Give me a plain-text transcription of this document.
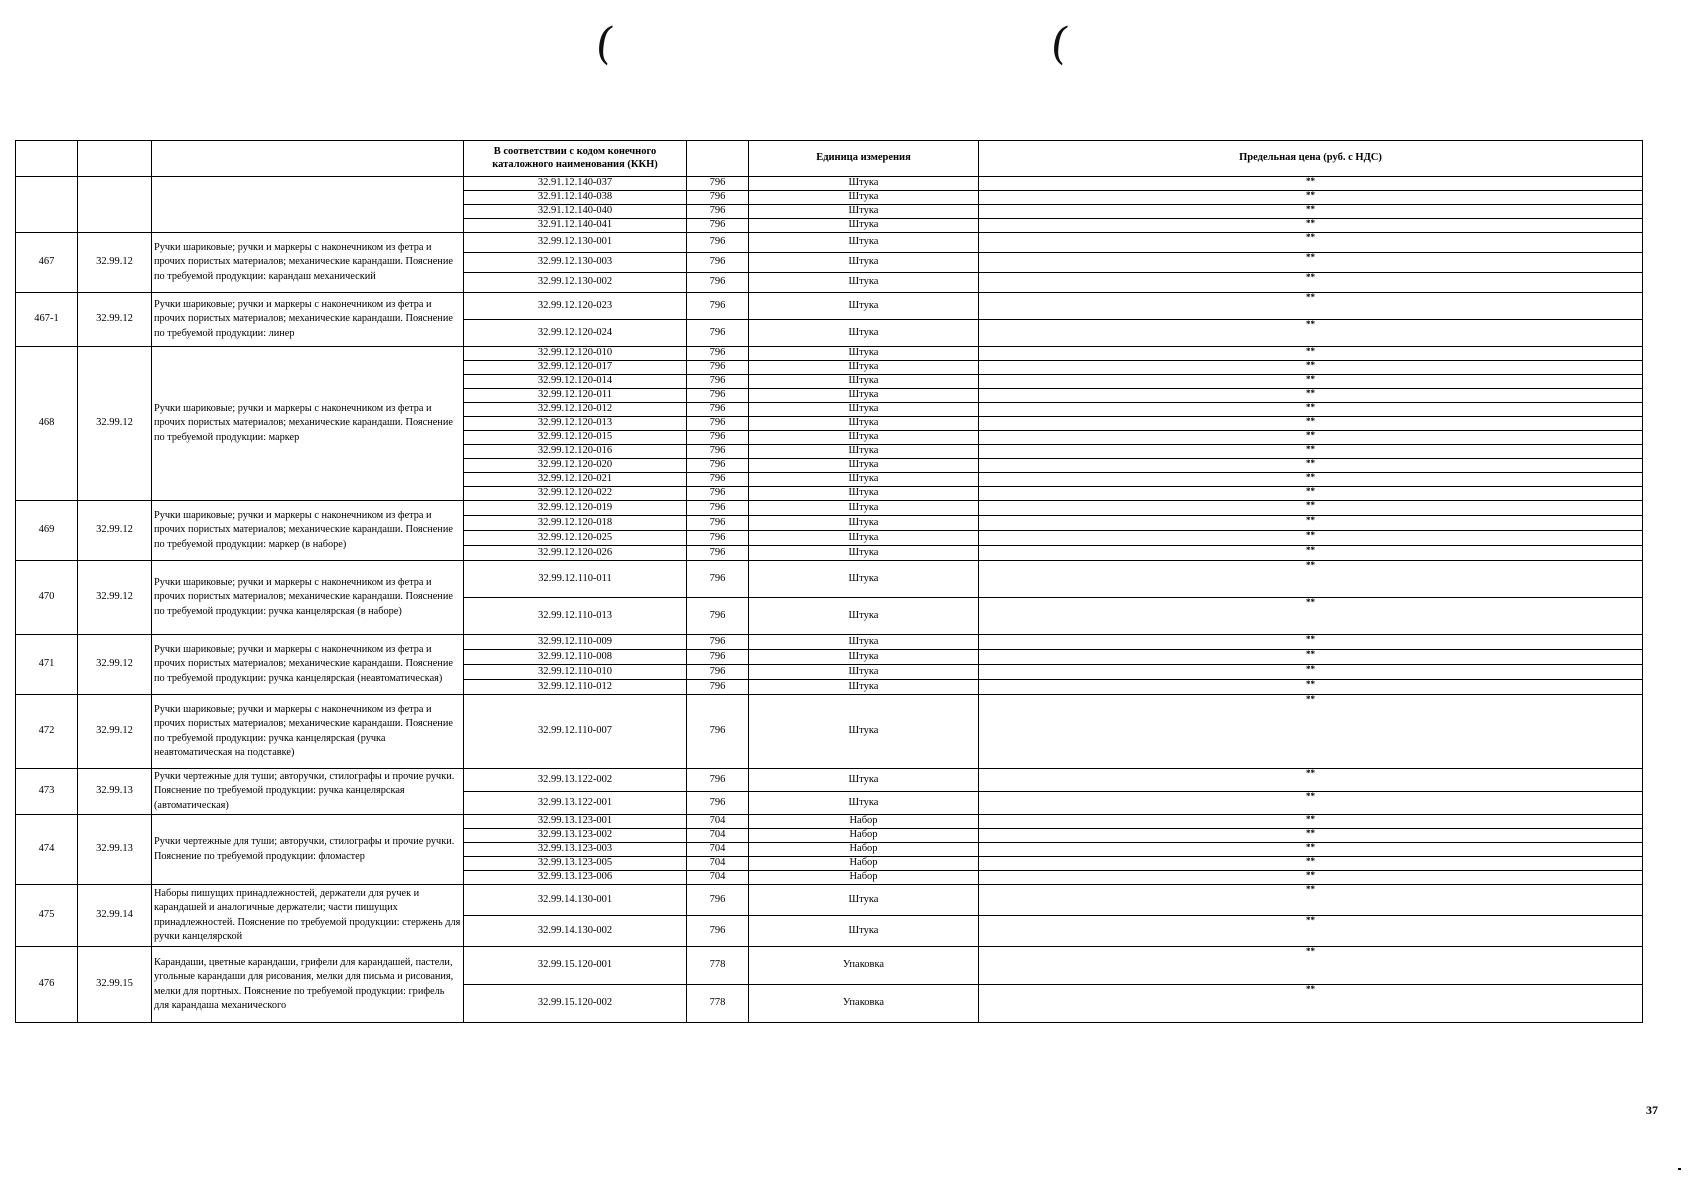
(	(
			В соответствии с кодом конечного каталожного наименования (ККН)		Единица измерения	Предельная цена (руб. с НДС)
			32.91.12.140-037	796	Штука	**
			32.91.12.140-038	796	Штука	**
			32.91.12.140-040	796	Штука	**
			32.91.12.140-041	796	Штука	**
467	32.99.12	Ручки шариковые; ручки и маркеры с наконечником из фетра и прочих пористых материалов; механические карандаши. Пояснение по требуемой продукции: карандаш механический	32.99.12.130-001	796	Штука	**
			32.99.12.130-003	796	Штука	**
			32.99.12.130-002	796	Штука	**
467-1	32.99.12	Ручки шариковые; ручки и маркеры с наконечником из фетра и прочих пористых материалов; механические карандаши. Пояснение по требуемой продукции: линер	32.99.12.120-023	796	Штука	**
			32.99.12.120-024	796	Штука	**
468	32.99.12	Ручки шариковые; ручки и маркеры с наконечником из фетра и прочих пористых материалов; механические карандаши. Пояснение по требуемой продукции: маркер	32.99.12.120-010	796	Штука	**
			32.99.12.120-017	796	Штука	**
			32.99.12.120-014	796	Штука	**
			32.99.12.120-011	796	Штука	**
			32.99.12.120-012	796	Штука	**
			32.99.12.120-013	796	Штука	**
			32.99.12.120-015	796	Штука	**
			32.99.12.120-016	796	Штука	**
			32.99.12.120-020	796	Штука	**
			32.99.12.120-021	796	Штука	**
			32.99.12.120-022	796	Штука	**
469	32.99.12	Ручки шариковые; ручки и маркеры с наконечником из фетра и прочих пористых материалов; механические карандаши. Пояснение по требуемой продукции: маркер (в наборе)	32.99.12.120-019	796	Штука	**
			32.99.12.120-018	796	Штука	**
			32.99.12.120-025	796	Штука	**
			32.99.12.120-026	796	Штука	**
470	32.99.12	Ручки шариковые; ручки и маркеры с наконечником из фетра и прочих пористых материалов; механические карандаши. Пояснение по требуемой продукции: ручка канцелярская (в наборе)	32.99.12.110-011	796	Штука	**
			32.99.12.110-013	796	Штука	**
471	32.99.12	Ручки шариковые; ручки и маркеры с наконечником из фетра и прочих пористых материалов; механические карандаши. Пояснение по требуемой продукции: ручка канцелярская (неавтоматическая)	32.99.12.110-009	796	Штука	**
			32.99.12.110-008	796	Штука	**
			32.99.12.110-010	796	Штука	**
			32.99.12.110-012	796	Штука	**
472	32.99.12	Ручки шариковые; ручки и маркеры с наконечником из фетра и прочих пористых материалов; механические карандаши. Пояснение по требуемой продукции: ручка канцелярская (ручка неавтоматическая на подставке)	32.99.12.110-007	796	Штука	**
473	32.99.13	Ручки чертежные для туши; авторучки, стилографы и прочие ручки. Пояснение по требуемой продукции: ручка канцелярская (автоматическая)	32.99.13.122-002	796	Штука	**
			32.99.13.122-001	796	Штука	**
474	32.99.13	Ручки чертежные для туши; авторучки, стилографы и прочие ручки. Пояснение по требуемой продукции: фломастер	32.99.13.123-001	704	Набор	**
			32.99.13.123-002	704	Набор	**
			32.99.13.123-003	704	Набор	**
			32.99.13.123-005	704	Набор	**
			32.99.13.123-006	704	Набор	**
475	32.99.14	Наборы пишущих принадлежностей, держатели для ручек и карандашей и аналогичные держатели; части пишущих принадлежностей. Пояснение по требуемой продукции: стержень для ручки канцелярской	32.99.14.130-001	796	Штука	**
			32.99.14.130-002	796	Штука	**
476	32.99.15	Карандаши, цветные карандаши, грифели для карандашей, пастели, угольные карандаши для рисования, мелки для письма и рисования, мелки для портных. Пояснение по требуемой продукции: грифель для карандаша механического	32.99.15.120-001	778	Упаковка	**
			32.99.15.120-002	778	Упаковка	**
37
